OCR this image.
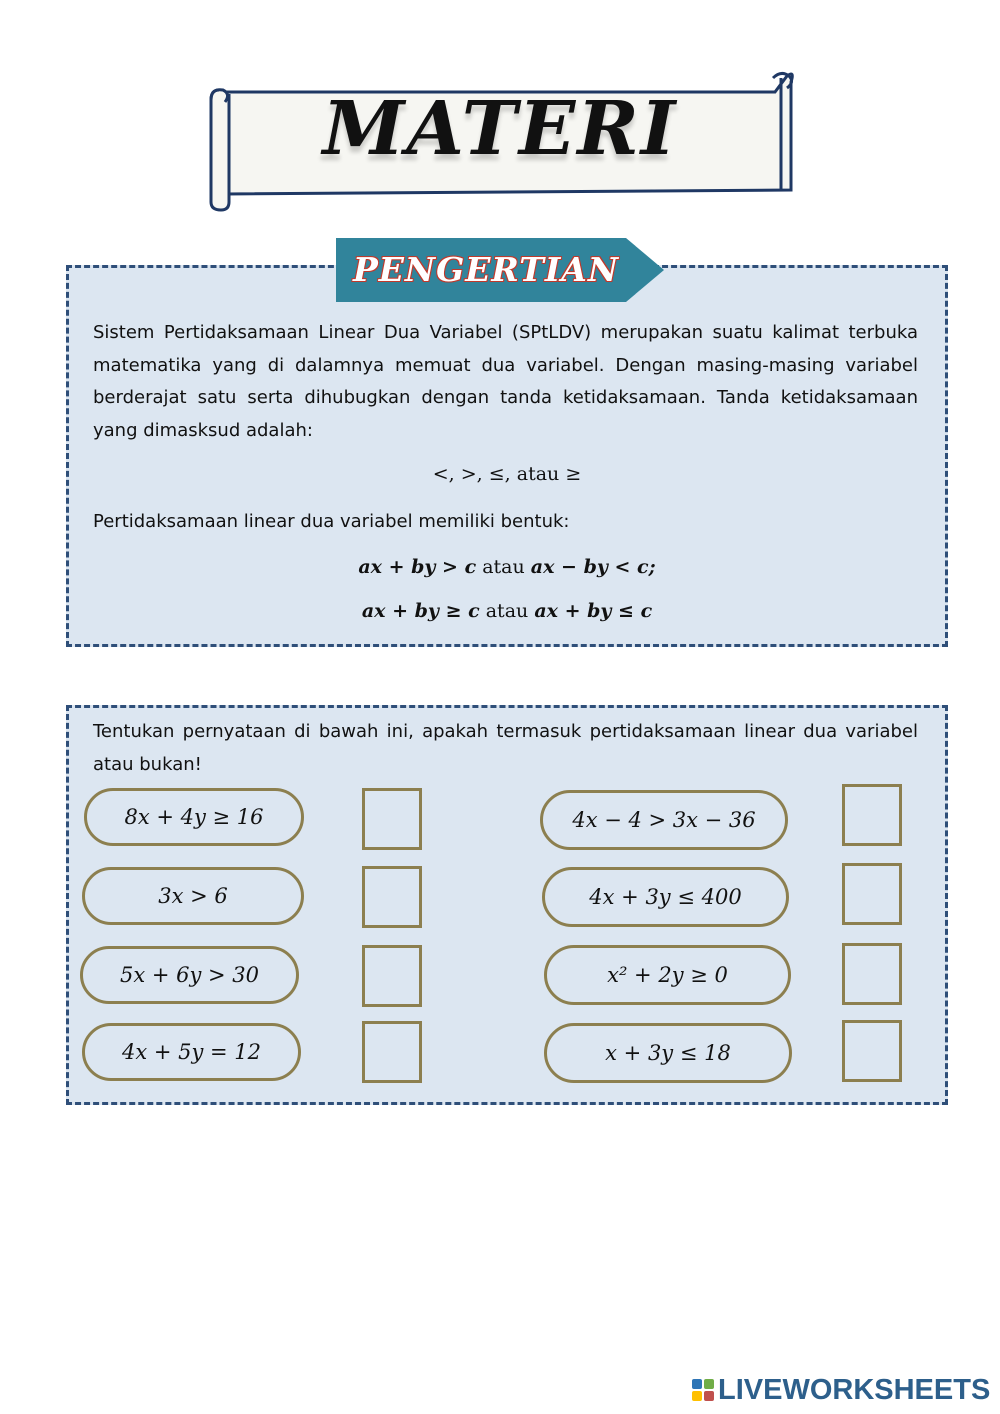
MATERI
PENGERTIAN

Sistem Pertidaksamaan Linear Dua Variabel (SPtLDV) merupakan suatu kalimat terbuka matematika yang di dalamnya memuat dua variabel. Dengan masing-masing variabel berderajat satu serta dihubugkan dengan tanda ketidaksamaan. Tanda ketidaksamaan yang dimasksud adalah:

<, >, ≤, atau ≥

Pertidaksamaan linear dua variabel memiliki bentuk:

ax + by > c atau ax − by < c;
ax + by ≥ c atau ax + by ≤ c

Tentukan pernyataan di bawah ini, apakah termasuk pertidaksamaan linear dua variabel atau bukan!

8x + 4y ≥ 16
3x > 6
5x + 6y > 30
4x + 5y = 12
4x − 4 > 3x − 36
4x + 3y ≤ 400
x² + 2y ≥ 0
x + 3y ≤ 18
LIVEWORKSHEETS
